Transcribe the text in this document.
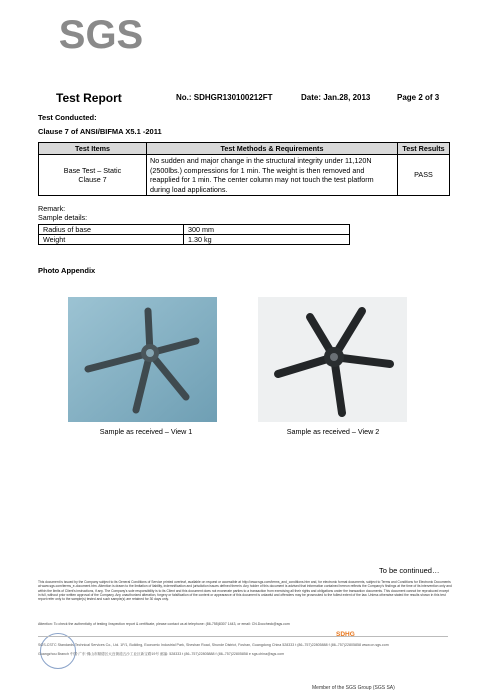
SGS
Test Report	No.: SDHGR130100212FT	Date: Jan.28, 2013	Page 2 of 3
Test Conducted:
Clause 7 of ANSI/BIFMA X5.1 -2011
Test Items	Test Methods & Requirements	Test Results
Base Test – Static Clause 7	No sudden and major change in the structural integrity under 11,120N (2500lbs.) compressions for 1 min. The weight is then removed and reapplied for 1 min. The center column may not touch the test platform during load applications.	PASS
Remark:
Sample details:
Radius of base	300 mm
Weight	1.30 kg
Photo Appendix
Sample as received – View 1	Sample as received – View 2
To be continued…
This document is issued by the Company subject to its General Conditions of Service printed overleaf, available on request or accessible at http://www.sgs.com/terms_and_conditions.htm and, for electronic format documents, subject to Terms and Conditions for Electronic Documents at www.sgs.com/terms_e-document.htm. Attention is drawn to the limitation of liability, indemnification and jurisdiction issues defined therein. Any holder of this document is advised that information contained hereon reflects the Company's findings at the time of its intervention only and within the limits of Client's instructions, if any. The Company's sole responsibility is to its Client and this document does not exonerate parties to a transaction from exercising all their rights and obligations under the transaction documents. This document cannot be reproduced except in full, without prior written approval of the Company. Any unauthorized alteration, forgery or falsification of the content or appearance of this document is unlawful and offenders may be prosecuted to the fullest extent of the law. Unless otherwise stated the results shown in this test report refer only to the sample(s) tested and such sample(s) are retained for 30 days only.
Attention: To check the authenticity of testing /inspection report & certificate, please contact us at telephone: (86-755)8307 1443, or email: CN.Doccheck@sgs.com
SDHG
SGS-CSTC Standards Technical Services Co., Ltd. 1F/1, Building, Economic Industrial Park, Sheshan Road, Shunde District, Foshan, Guangdong China 528333 t (86–757)22805888 f (86–757)22805858 www.cn.sgs.com
Guangzhou Branch 中国·广东·佛山市顺德区大良街道五沙工业区新宝路19号 邮编: 528333 t (86–757)22805888 f (86–757)22805858 e sgs.china@sgs.com
Member of the SGS Group (SGS SA)
